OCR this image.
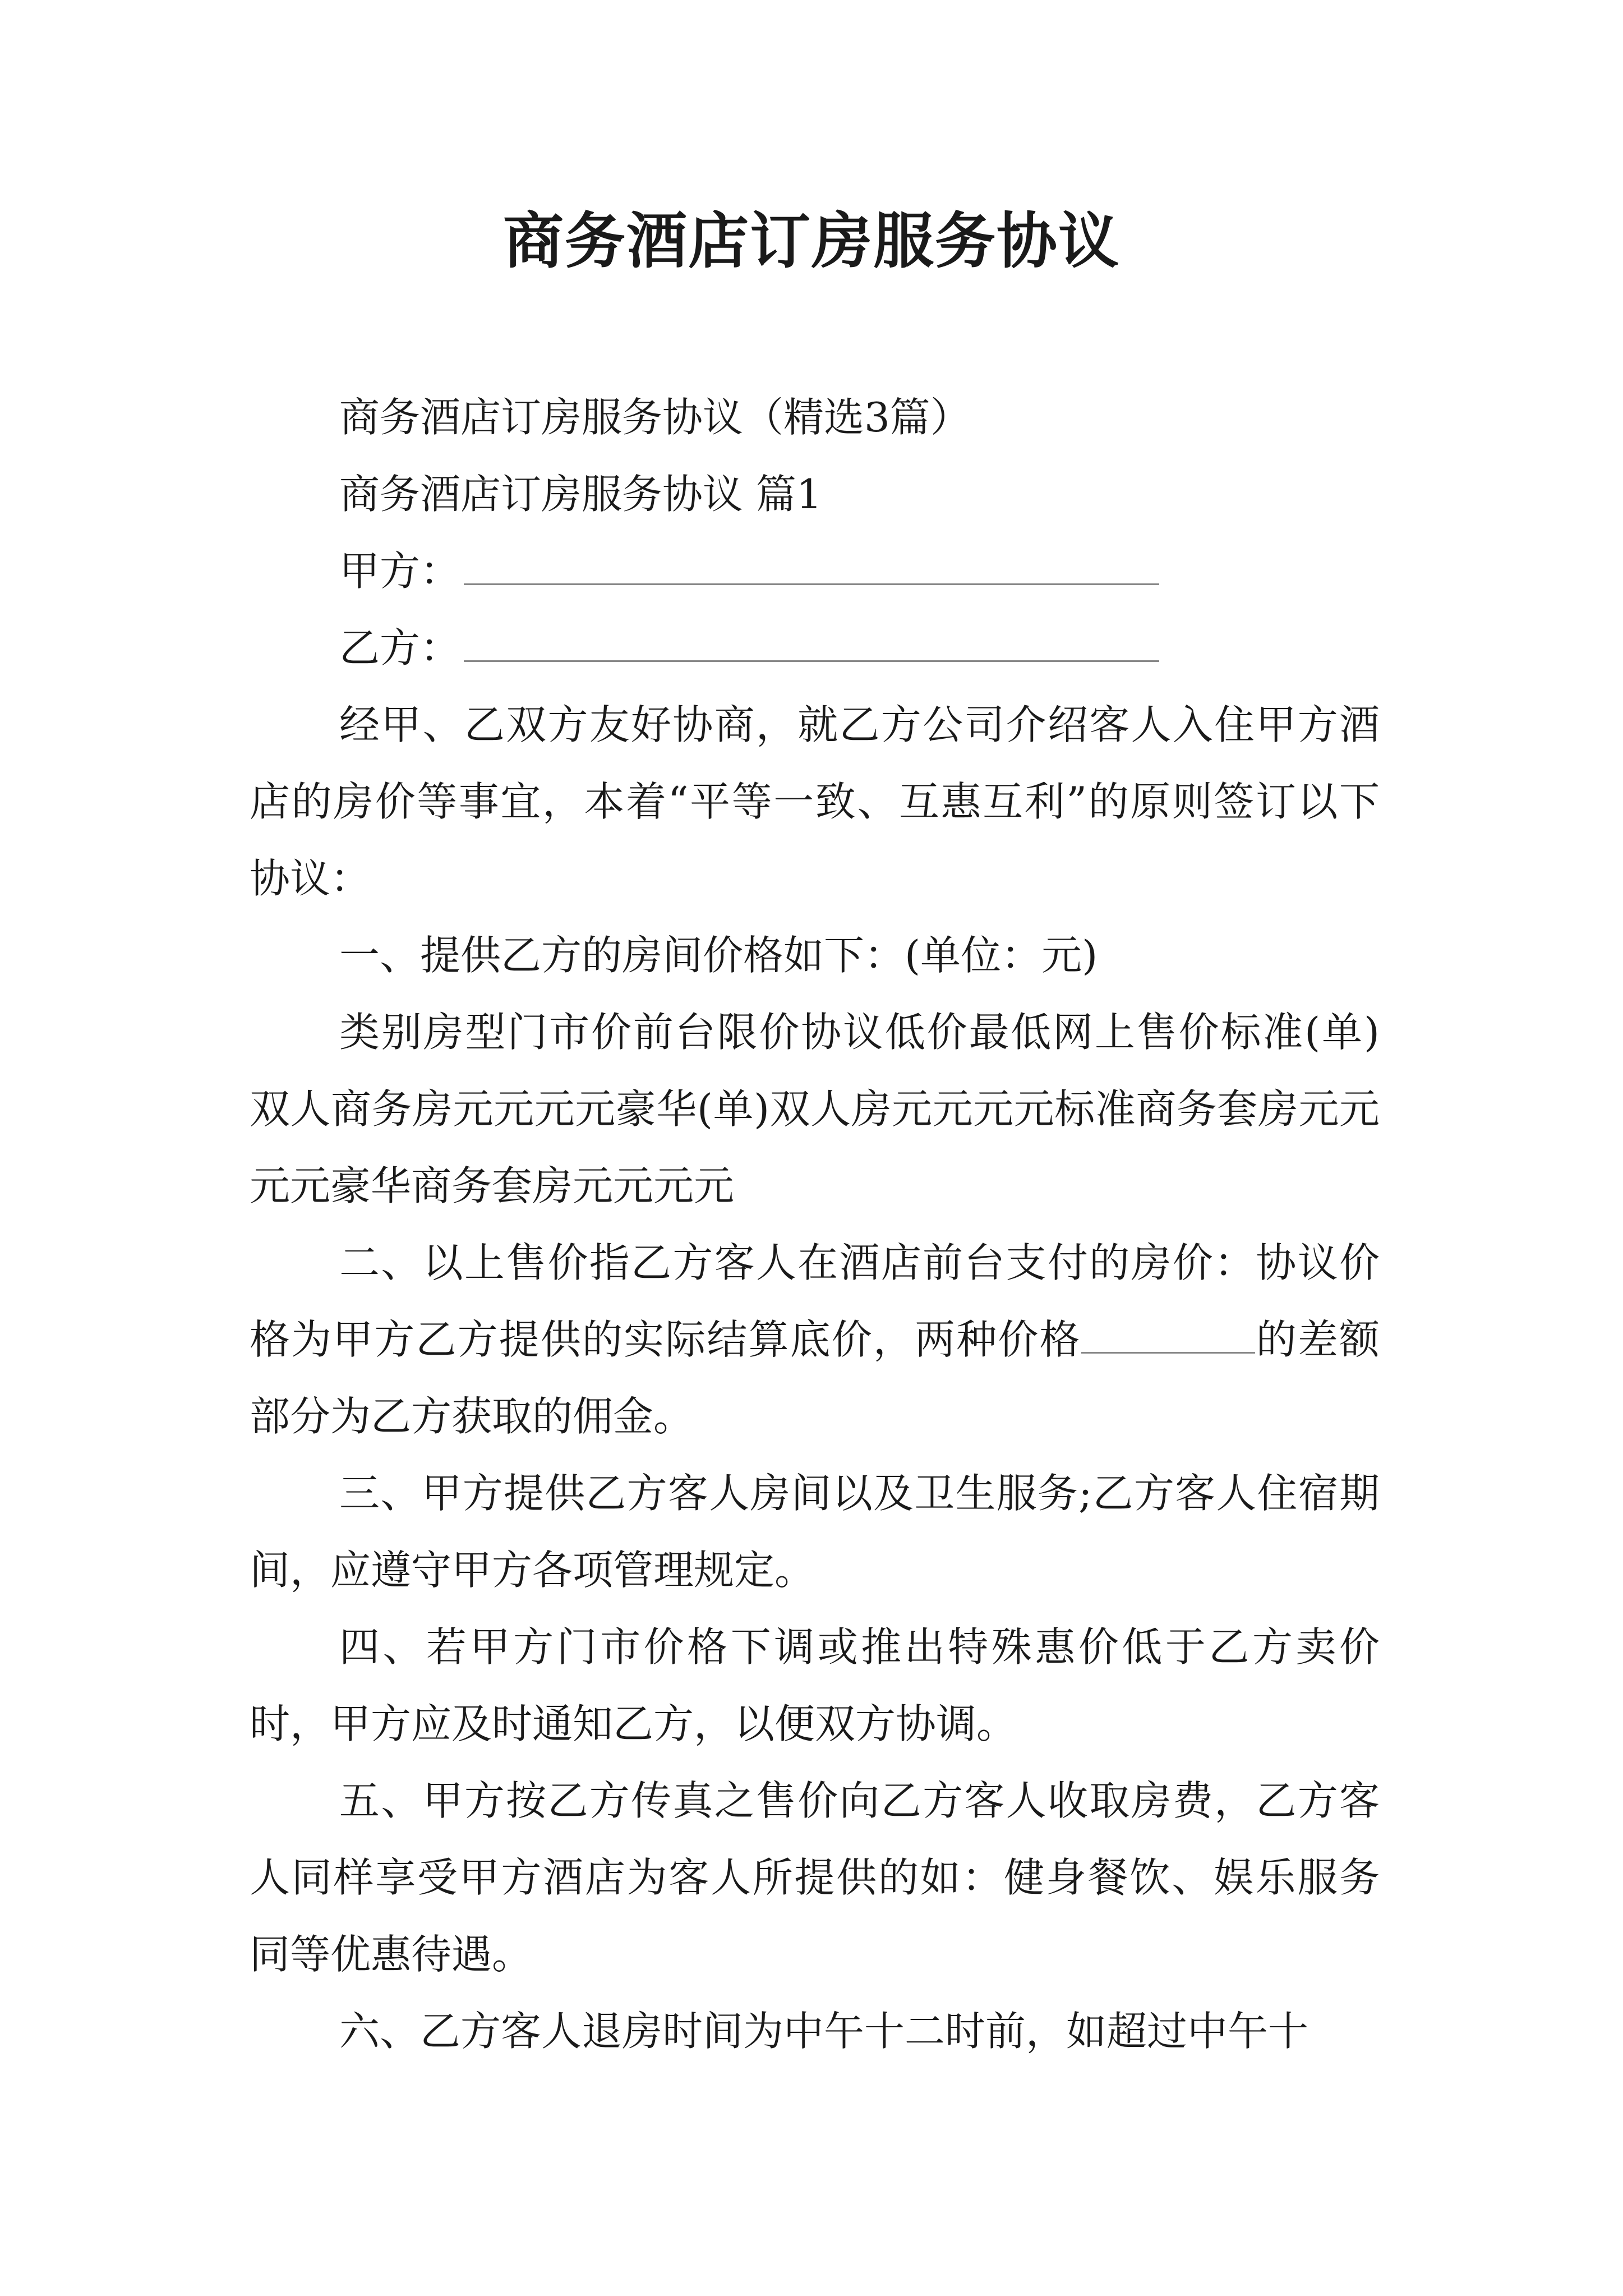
商务酒店订房服务协议

商务酒店订房服务协议（精选3篇）

商务酒店订房服务协议 篇1

甲方：

乙方：

经甲、乙双方友好协商，就乙方公司介绍客人入住甲方酒店的房价等事宜，本着“平等一致、互惠互利”的原则签订以下协议：

一、提供乙方的房间价格如下：(单位：元)

类别房型门市价前台限价协议低价最低网上售价标准(单)双人商务房元元元元豪华(单)双人房元元元元标准商务套房元元元元豪华商务套房元元元元

二、以上售价指乙方客人在酒店前台支付的房价：协议价格为甲方乙方提供的实际结算底价，两种价格	的差额部分为乙方获取的佣金。

三、甲方提供乙方客人房间以及卫生服务;乙方客人住宿期间，应遵守甲方各项管理规定。

四、若甲方门市价格下调或推出特殊惠价低于乙方卖价时，甲方应及时通知乙方，以便双方协调。

五、甲方按乙方传真之售价向乙方客人收取房费，乙方客人同样享受甲方酒店为客人所提供的如：健身餐饮、娱乐服务同等优惠待遇。

六、乙方客人退房时间为中午十二时前，如超过中午十
